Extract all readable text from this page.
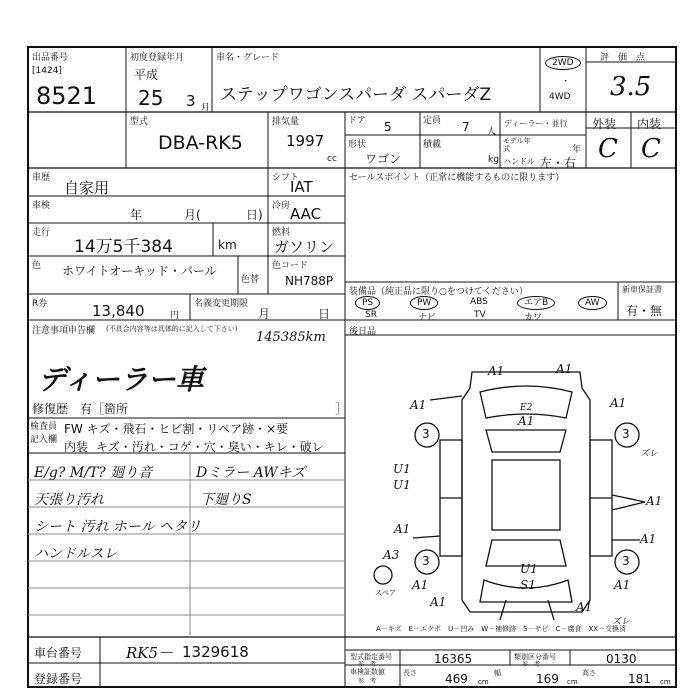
出品番号
[1424]
8521
初度登録年月
平成
25 3 月
車名・グレード
ステップワゴンスパーダ スパーダZ
2WD
・
4WD
評　価　点
3.5
型式
DBA-RK5
排気量
1997
cc
ドア 5	定員 7 人
形状
ワゴン
積載
kg
ディーラー・並行
モデル年式	年
ハンドル 左・右
外装 内装
C C
車歴
自家用
車検
年	月(	日)
走行
14万5千384	km
色 ホワイトオーキッド・パール
色替
色コード
NH788P
シフト
IAT
冷房 AAC
燃料
ガソリン
セールスポイント（正常に機能するものに限ります）
R券	13,840	円
名義変更期限
月	日
装備品（純正品に限り○をつけてください）
PS	PW	ABS	エアB	AW
SR	ナビ	TV	カワ
新車保証書
有・無
注意事項申告欄 (不具合内容等は具体的に記入して下さい)
145385km
ディーラー車
修復歴 有［箇所	］
検査員記入欄
FW キズ・飛石・ヒビ割・リペア跡・×要
内装 キズ・汚れ・コゲ・穴・臭い・キレ・破レ
E/g? M/T? 廻り音	Dミラー AWキズ
天張り汚れ	下廻りS
シート 汚れ ホール ヘタリ
ハンドルスレ
後日品
A1	A1
A1	A1
E2
A1
U1
U1
A1
A1
A3
A1	A1
A1
U1
S1
A1
ズレ
A1
ズレ
3	3
3	3
スペア
A－キズ　E－エクボ　U－凹み　W－補修跡　S－サビ　C－腐食　XX－交換済
車台番号	RK5－ 1329618
登録番号
型式指定番号
参　考	16365	類別区分番号
参　考	0130
車検証数値
参　考
長さ 469 cm
幅	169 cm
高さ	181 cm
